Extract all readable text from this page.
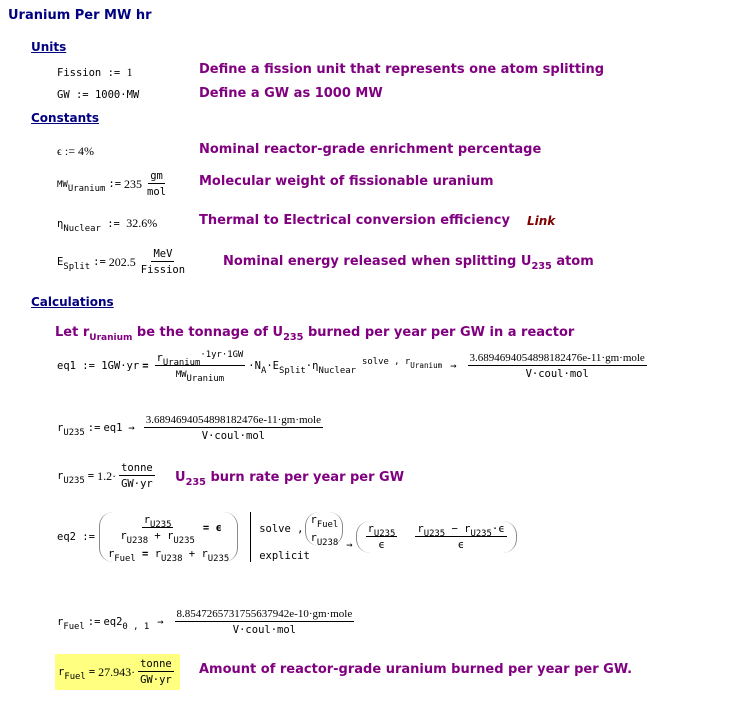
Uranium Per MW hr
Units
Fission := 1	Define a fission unit that represents one atom splitting
GW := 1000·MW	Define a GW as 1000 MW
Constants
ϵ := 4%	Nominal reactor-grade enrichment percentage
MWUranium := $235 \frac{gm}{\text{mol}}$ Molecular weight of fissionable uranium
ηNuclear := 32.6%	Thermal to Electrical conversion efficiency Link
ESplit := $202.5 \frac{\text{MeV}}{\text{Fission}}$	Nominal energy released when splitting $U_{235}$ atom
Calculations
Let $r_{Uranium}$ be the tonnage of $U_{235}$ burned per year per GW in a reactor
eq1 := $1GW\cdot yr = \frac{\text{rUranium·1yr·1GW}}{\text{MWUranium}}$ ·NA·ESplit·ηNuclear
solve , $r_{Uranium} \to \frac{\text{3.6894694054898182476e-11·gm·mole}}{\text{V·coul·mol}}$
rU235 := $eq1 \to \frac{\text{3.6894694054898182476e-11·gm·mole}}{\text{V·coul·mol}}$
$rU235 = 1.2\cdot \frac{\text{tonne}}{GW\cdot yr} U_{235}$ burn rate per year per GW
eq2 := $\frac{rU235}{rU238 + rU235} = \epsilon$
rFuel = rU238 + rU235
solve ,
rFuel
rU238
explicit
→ $\frac{rU235}{\epsilon} \frac{rU235 - rU235\cdot\epsilon}{\epsilon}$
rFuel := eq20 , $1 \to \frac{\text{8.8547265731755637942e-10·gm·mole}}{\text{V·coul·mol}}$
rFuel = $27.943\cdot \frac{\text{tonne}}{GW\cdot yr}$ Amount of reactor-grade uranium burned per year per GW.
